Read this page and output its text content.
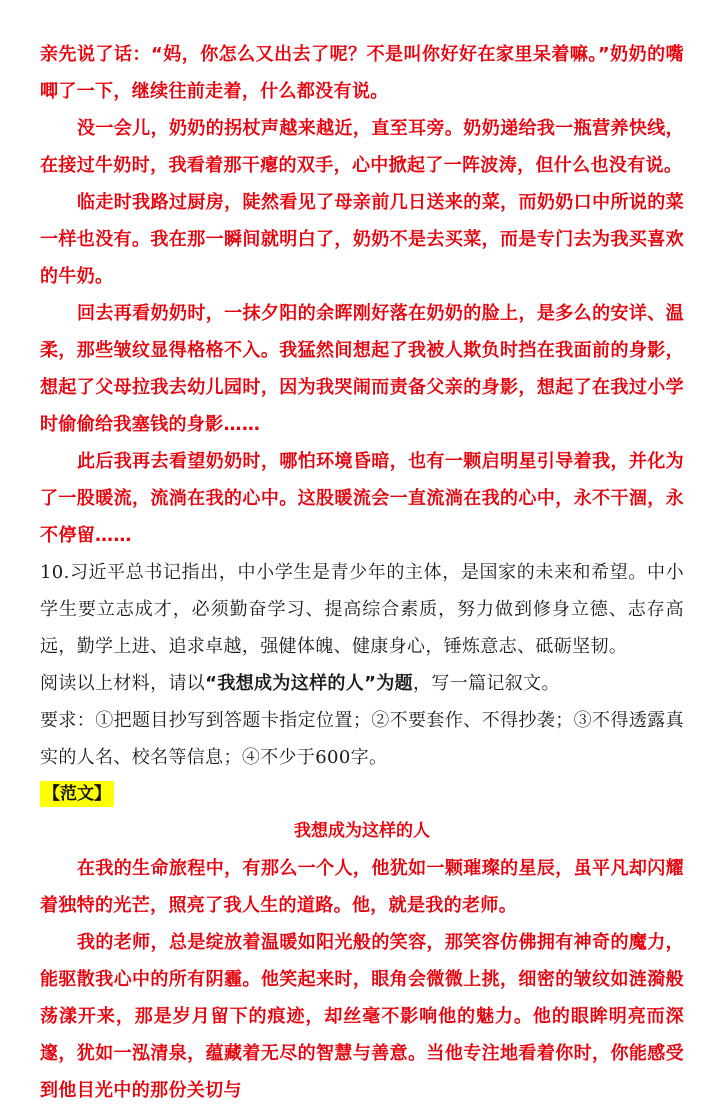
亲先说了话：“妈，你怎么又出去了呢？不是叫你好好在家里呆着嘛。”奶奶的嘴唧了一下，继续往前走着，什么都没有说。

没一会儿，奶奶的拐杖声越来越近，直至耳旁。奶奶递给我一瓶营养快线，在接过牛奶时，我看着那干瘪的双手，心中掀起了一阵波涛，但什么也没有说。

临走时我路过厨房，陡然看见了母亲前几日送来的菜，而奶奶口中所说的菜一样也没有。我在那一瞬间就明白了，奶奶不是去买菜，而是专门去为我买喜欢的牛奶。

回去再看奶奶时，一抹夕阳的余晖刚好落在奶奶的脸上，是多么的安详、温柔，那些皱纹显得格格不入。我猛然间想起了我被人欺负时挡在我面前的身影，想起了父母拉我去幼儿园时，因为我哭闹而责备父亲的身影，想起了在我过小学时偷偷给我塞钱的身影……

此后我再去看望奶奶时，哪怕环境昏暗，也有一颗启明星引导着我，并化为了一股暖流，流淌在我的心中。这股暖流会一直流淌在我的心中，永不干涸，永不停留……

10.习近平总书记指出，中小学生是青少年的主体，是国家的未来和希望。中小学生要立志成才，必须勤奋学习、提高综合素质，努力做到修身立德、志存高远，勤学上进、追求卓越，强健体魄、健康身心，锤炼意志、砥砺坚韧。

阅读以上材料，请以“我想成为这样的人”为题，写一篇记叙文。

要求：①把题目抄写到答题卡指定位置；②不要套作、不得抄袭；③不得透露真实的人名、校名等信息；④不少于600字。

【范文】

我想成为这样的人

在我的生命旅程中，有那么一个人，他犹如一颗璀璨的星辰，虽平凡却闪耀着独特的光芒，照亮了我人生的道路。他，就是我的老师。

我的老师，总是绽放着温暖如阳光般的笑容，那笑容仿佛拥有神奇的魔力，能驱散我心中的所有阴霾。他笑起来时，眼角会微微上挑，细密的皱纹如涟漪般荡漾开来，那是岁月留下的痕迹，却丝毫不影响他的魅力。他的眼眸明亮而深邃，犹如一泓清泉，蕴藏着无尽的智慧与善意。当他专注地看着你时，你能感受到他目光中的那份关切与
